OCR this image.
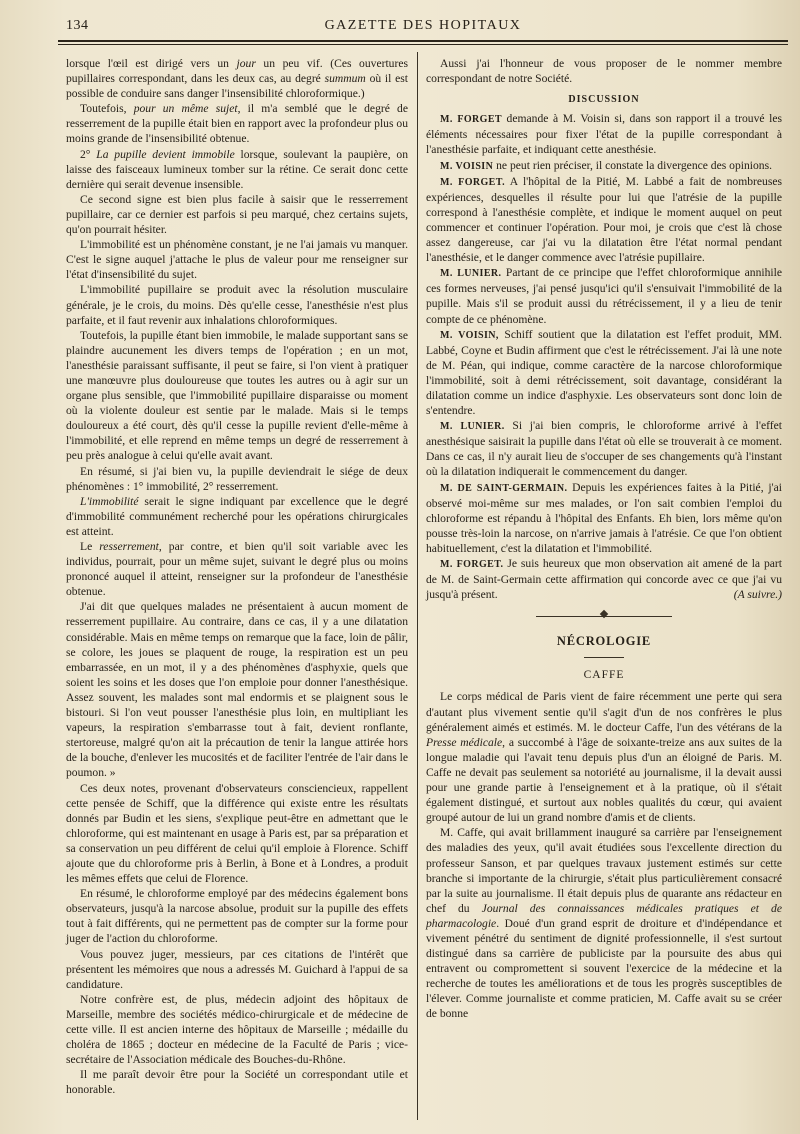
134	GAZETTE DES HOPITAUX

lorsque l'œil est dirigé vers un jour un peu vif. (Ces ouvertures pupillaires correspondant, dans les deux cas, au degré summum où il est possible de conduire sans danger l'insensibilité chloroformique.)

Toutefois, pour un même sujet, il m'a semblé que le degré de resserrement de la pupille était bien en rapport avec la profondeur plus ou moins grande de l'insensibilité obtenue.

2° La pupille devient immobile lorsque, soulevant la paupière, on laisse des faisceaux lumineux tomber sur la rétine. Ce serait donc cette dernière qui serait devenue insensible.

Ce second signe est bien plus facile à saisir que le resserrement pupillaire, car ce dernier est parfois si peu marqué, chez certains sujets, qu'on pourrait hésiter.

L'immobilité est un phénomène constant, je ne l'ai jamais vu manquer. C'est le signe auquel j'attache le plus de valeur pour me renseigner sur l'état d'insensibilité du sujet.

L'immobilité pupillaire se produit avec la résolution musculaire générale, je le crois, du moins. Dès qu'elle cesse, l'anesthésie n'est plus parfaite, et il faut revenir aux inhalations chloroformiques.

Toutefois, la pupille étant bien immobile, le malade supportant sans se plaindre aucunement les divers temps de l'opération ; en un mot, l'anesthésie paraissant suffisante, il peut se faire, si l'on vient à pratiquer une manœuvre plus douloureuse que toutes les autres ou à agir sur un organe plus sensible, que l'immobilité pupillaire disparaisse ou moment où la violente douleur est sentie par le malade. Mais si le temps douloureux a été court, dès qu'il cesse la pupille revient d'elle-même à l'immobilité, et elle reprend en même temps un degré de resserrement à peu près analogue à celui qu'elle avait avant.

En résumé, si j'ai bien vu, la pupille deviendrait le siége de deux phénomènes : 1° immobilité, 2° resserrement.

L'immobilité serait le signe indiquant par excellence que le degré d'immobilité communément recherché pour les opérations chirurgicales est atteint.

Le resserrement, par contre, et bien qu'il soit variable avec les individus, pourrait, pour un même sujet, suivant le degré plus ou moins prononcé auquel il atteint, renseigner sur la profondeur de l'anesthésie obtenue.

J'ai dit que quelques malades ne présentaient à aucun moment de resserrement pupillaire. Au contraire, dans ce cas, il y a une dilatation considérable. Mais en même temps on remarque que la face, loin de pâlir, se colore, les joues se plaquent de rouge, la respiration est un peu embarrassée, en un mot, il y a des phénomènes d'asphyxie, quels que soient les soins et les doses que l'on emploie pour donner l'anesthésique. Assez souvent, les malades sont mal endormis et se plaignent sous le bistouri. Si l'on veut pousser l'anesthésie plus loin, en multipliant les vapeurs, la respiration s'embarrasse tout à fait, devient ronflante, stertoreuse, malgré qu'on ait la précaution de tenir la langue attirée hors de la bouche, d'enlever les mucosités et de faciliter l'entrée de l'air dans le poumon. »

Ces deux notes, provenant d'observateurs consciencieux, rappellent cette pensée de Schiff, que la différence qui existe entre les résultats donnés par Budin et les siens, s'explique peut-être en admettant que le chloroforme, qui est maintenant en usage à Paris est, par sa préparation et sa conservation un peu différent de celui qu'il emploie à Florence. Schiff ajoute que du chloroforme pris à Berlin, à Bone et à Londres, a produit les mêmes effets que celui de Florence.

En résumé, le chloroforme employé par des médecins également bons observateurs, jusqu'à la narcose absolue, produit sur la pupille des effets tout à fait différents, qui ne permettent pas de compter sur la forme pour juger de l'action du chloroforme.

Vous pouvez juger, messieurs, par ces citations de l'intérêt que présentent les mémoires que nous a adressés M. Guichard à l'appui de sa candidature.

Notre confrère est, de plus, médecin adjoint des hôpitaux de Marseille, membre des sociétés médico-chirurgicale et de médecine de cette ville. Il est ancien interne des hôpitaux de Marseille ; médaille du choléra de 1865 ; docteur en médecine de la Faculté de Paris ; vice-secrétaire de l'Association médicale des Bouches-du-Rhône.

Il me paraît devoir être pour la Société un correspondant utile et honorable.

Aussi j'ai l'honneur de vous proposer de le nommer membre correspondant de notre Société.

DISCUSSION

M. FORGET demande à M. Voisin si, dans son rapport il a trouvé les éléments nécessaires pour fixer l'état de la pupille correspondant à l'anesthésie parfaite, et indiquant cette anesthésie.

M. VOISIN ne peut rien préciser, il constate la divergence des opinions.

M. FORGET. A l'hôpital de la Pitié, M. Labbé a fait de nombreuses expériences, desquelles il résulte pour lui que l'atrésie de la pupille correspond à l'anesthésie complète, et indique le moment auquel on peut commencer et continuer l'opération. Pour moi, je crois que c'est là chose assez dangereuse, car j'ai vu la dilatation être l'état normal pendant l'anesthésie, et le danger commence avec l'atrésie pupillaire.

M. LUNIER. Partant de ce principe que l'effet chloroformique annihile ces formes nerveuses, j'ai pensé jusqu'ici qu'il s'ensuivait l'immobilité de la pupille. Mais s'il se produit aussi du rétrécissement, il y a lieu de tenir compte de ce phénomène.

M. VOISIN, Schiff soutient que la dilatation est l'effet produit, MM. Labbé, Coyne et Budin affirment que c'est le rétrécissement. J'ai là une note de M. Péan, qui indique, comme caractère de la narcose chloroformique l'immobilité, soit à demi rétrécissement, soit davantage, considérant la dilatation comme un indice d'asphyxie. Les observateurs sont donc loin de s'entendre.

M. LUNIER. Si j'ai bien compris, le chloroforme arrivé à l'effet anesthésique saisirait la pupille dans l'état où elle se trouverait à ce moment. Dans ce cas, il n'y aurait lieu de s'occuper de ses changements qu'à l'instant où la dilatation indiquerait le commencement du danger.

M. DE SAINT-GERMAIN. Depuis les expériences faites à la Pitié, j'ai observé moi-même sur mes malades, or l'on sait combien l'emploi du chloroforme est répandu à l'hôpital des Enfants. Eh bien, lors même qu'on pousse très-loin la narcose, on n'arrive jamais à l'atrésie. Ce que l'on obtient habituellement, c'est la dilatation et l'immobilité.

M. FORGET. Je suis heureux que mon observation ait amené de la part de M. de Saint-Germain cette affirmation qui concorde avec ce que j'ai vu jusqu'à présent.	(A suivre.)

NÉCROLOGIE
CAFFE

Le corps médical de Paris vient de faire récemment une perte qui sera d'autant plus vivement sentie qu'il s'agit d'un de nos confrères le plus généralement aimés et estimés. M. le docteur Caffe, l'un des vétérans de la Presse médicale, a succombé à l'âge de soixante-treize ans aux suites de la longue maladie qui l'avait tenu depuis plus d'un an éloigné de Paris. M. Caffe ne devait pas seulement sa notoriété au journalisme, il la devait aussi pour une grande partie à l'enseignement et à la pratique, où il s'était également distingué, et surtout aux nobles qualités du cœur, qui avaient groupé autour de lui un grand nombre d'amis et de clients.

M. Caffe, qui avait brillamment inauguré sa carrière par l'enseignement des maladies des yeux, qu'il avait étudiées sous l'excellente direction du professeur Sanson, et par quelques travaux justement estimés sur cette branche si importante de la chirurgie, s'était plus particulièrement consacré par la suite au journalisme. Il était depuis plus de quarante ans rédacteur en chef du Journal des connaissances médicales pratiques et de pharmacologie. Doué d'un grand esprit de droiture et d'indépendance et vivement pénétré du sentiment de dignité professionnelle, il s'est surtout distingué dans sa carrière de publiciste par la poursuite des abus qui entravent ou compromettent si souvent l'exercice de la médecine et la recherche de toutes les améliorations et de tous les progrès susceptibles de l'élever. Comme journaliste et comme praticien, M. Caffe avait su se créer de bonne
